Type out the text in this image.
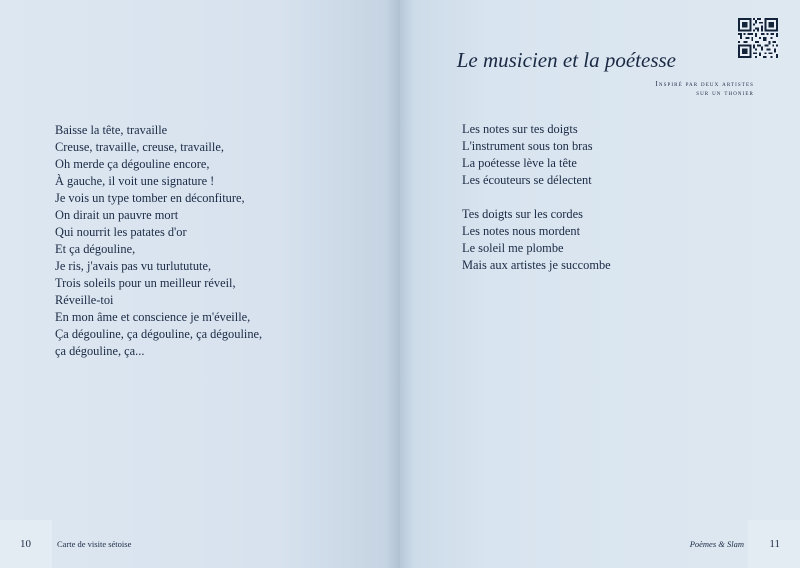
Baisse la tête, travaille
Creuse, travaille, creuse, travaille,
Oh merde ça dégouline encore,
À gauche, il voit une signature !
Je vois un type tomber en déconfiture,
On dirait un pauvre mort
Qui nourrit les patates d'or
Et ça dégouline,
Je ris, j'avais pas vu turlututute,
Trois soleils pour un meilleur réveil,
Réveille-toi
En mon âme et conscience je m'éveille,
Ça dégouline, ça dégouline, ça dégouline,
ça dégouline, ça...
10	Carte de visite sétoise
Le musicien et la poétesse
Inspiré par deux artistes
sur un thonier
Les notes sur tes doigts
L'instrument sous ton bras
La poétesse lève la tête
Les écouteurs se délectent
Tes doigts sur les cordes
Les notes nous mordent
Le soleil me plombe
Mais aux artistes je succombe
11
Poèmes & Slam
